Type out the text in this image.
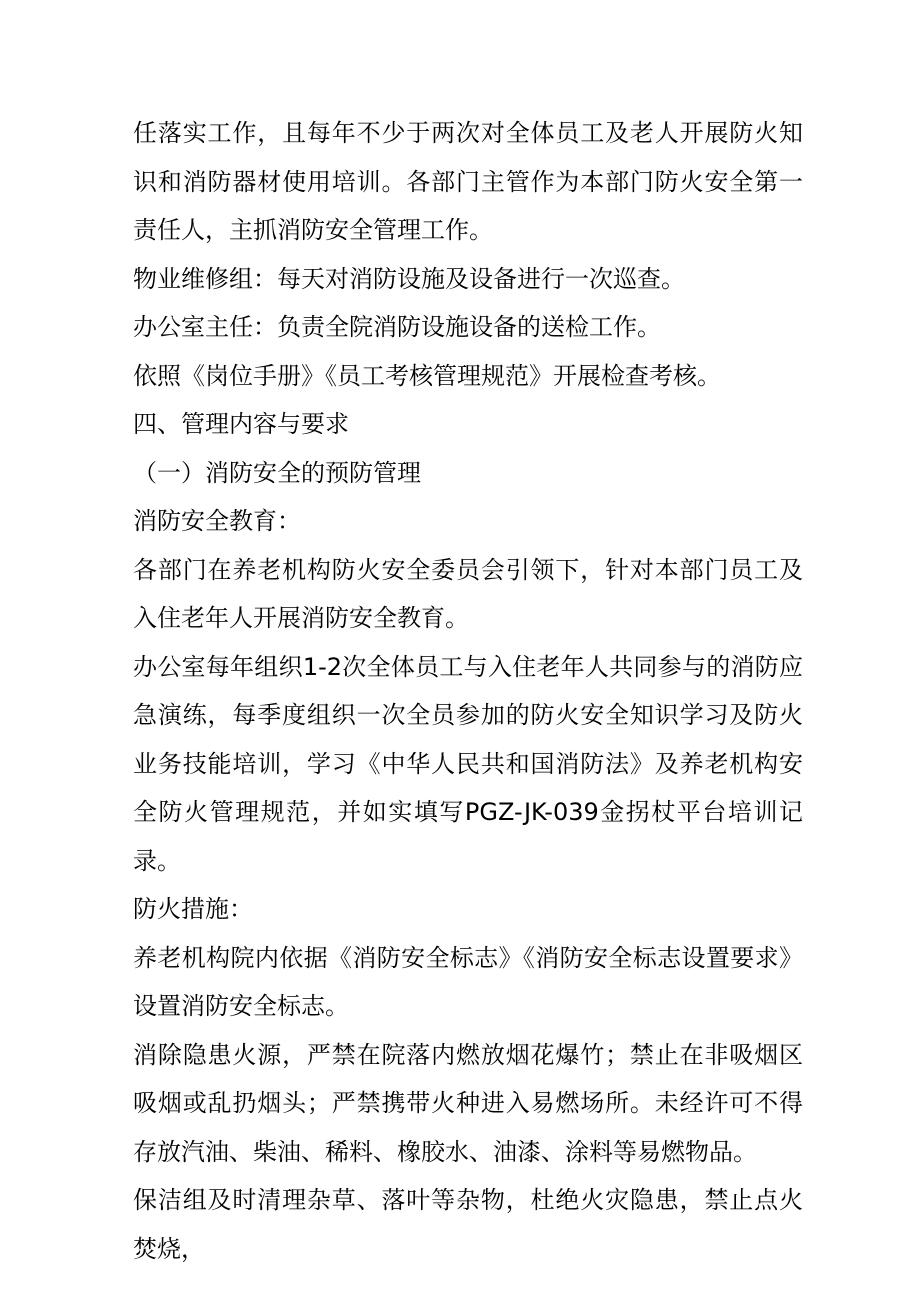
任落实工作，且每年不少于两次对全体员工及老人开展防火知识和消防器材使用培训。各部门主管作为本部门防火安全第一责任人，主抓消防安全管理工作。

物业维修组：每天对消防设施及设备进行一次巡查。

办公室主任：负责全院消防设施设备的送检工作。

依照《岗位手册》《员工考核管理规范》开展检查考核。

四、管理内容与要求

（一）消防安全的预防管理

消防安全教育：

各部门在养老机构防火安全委员会引领下，针对本部门员工及入住老年人开展消防安全教育。

办公室每年组织1-2次全体员工与入住老年人共同参与的消防应急演练，每季度组织一次全员参加的防火安全知识学习及防火业务技能培训，学习《中华人民共和国消防法》及养老机构安全防火管理规范，并如实填写PGZ-JK-039金拐杖平台培训记录。

防火措施：

养老机构院内依据《消防安全标志》《消防安全标志设置要求》设置消防安全标志。

消除隐患火源，严禁在院落内燃放烟花爆竹；禁止在非吸烟区吸烟或乱扔烟头；严禁携带火种进入易燃场所。未经许可不得存放汽油、柴油、稀料、橡胶水、油漆、涂料等易燃物品。

保洁组及时清理杂草、落叶等杂物，杜绝火灾隐患，禁止点火焚烧，
